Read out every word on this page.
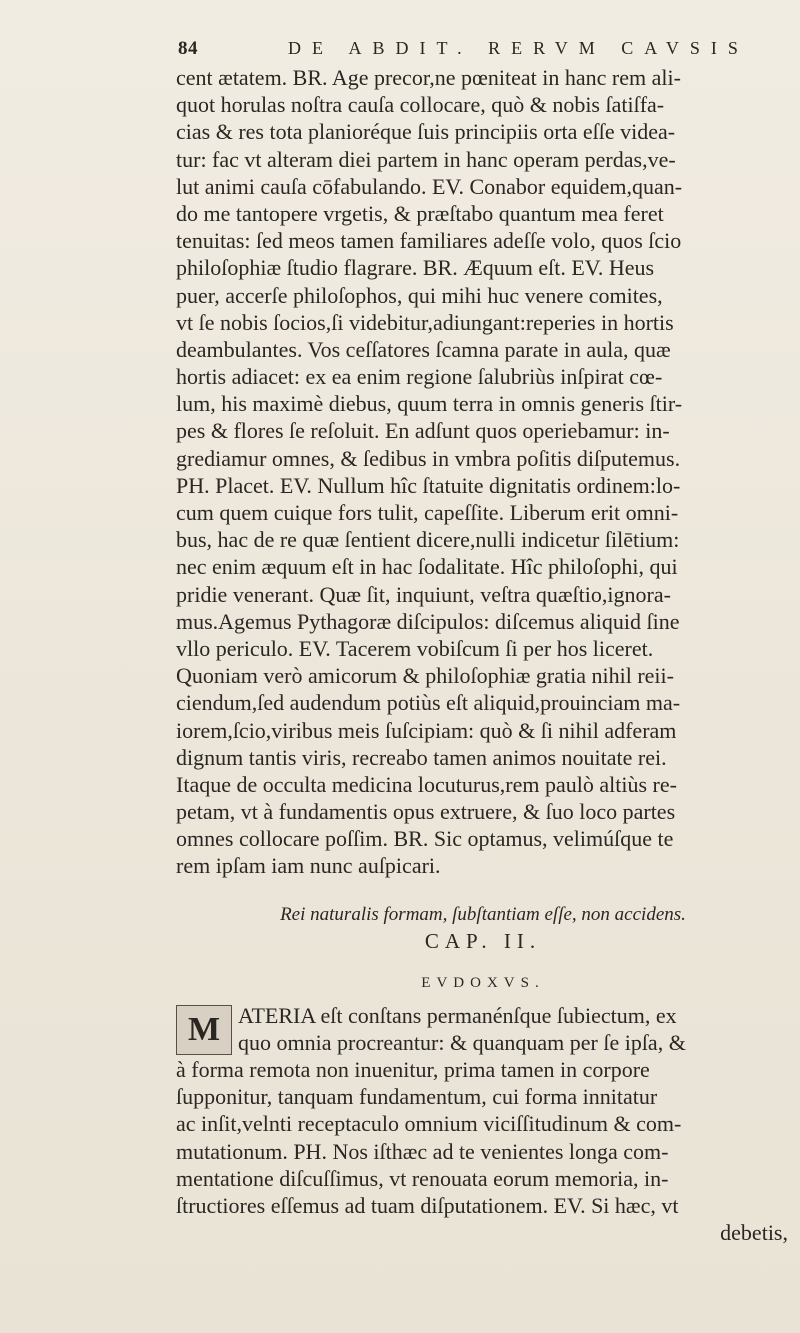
84	DE ABDIT. RERVM CAVSIS
cent ætatem. BR. Age precor,ne pœniteat in hanc rem ali-
quot horulas noſtra cauſa collocare, quò & nobis ſatiſfa-
cias & res tota planioréque ſuis principiis orta eſſe videa-
tur: fac vt alteram diei partem in hanc operam perdas,ve-
lut animi cauſa cōfabulando. EV. Conabor equidem,quan-
do me tantopere vrgetis, & præſtabo quantum mea feret
tenuitas: ſed meos tamen familiares adeſſe volo, quos ſcio
philoſophiæ ſtudio flagrare. BR. Æquum eſt. EV. Heus
puer, accerſe philoſophos, qui mihi huc venere comites,
vt ſe nobis ſocios,ſi videbitur,adiungant:reperies in hortis
deambulantes. Vos ceſſatores ſcamna parate in aula, quæ
hortis adiacet: ex ea enim regione ſalubriùs inſpirat cœ-
lum, his maximè diebus, quum terra in omnis generis ſtir-
pes & flores ſe reſoluit. En adſunt quos operiebamur: in-
grediamur omnes, & ſedibus in vmbra poſitis diſputemus.
PH. Placet. EV. Nullum hîc ſtatuite dignitatis ordinem:lo-
cum quem cuique fors tulit, capeſſite. Liberum erit omni-
bus, hac de re quæ ſentient dicere,nulli indicetur ſilētium:
nec enim æquum eſt in hac ſodalitate. Hîc philoſophi, qui
pridie venerant. Quæ ſit, inquiunt, veſtra quæſtio,ignora-
mus.Agemus Pythagoræ diſcipulos: diſcemus aliquid ſine
vllo periculo. EV. Tacerem vobiſcum ſi per hos liceret.
Quoniam verò amicorum & philoſophiæ gratia nihil reii-
ciendum,ſed audendum potiùs eſt aliquid,prouinciam ma-
iorem,ſcio,viribus meis ſuſcipiam: quò & ſi nihil adferam
dignum tantis viris, recreabo tamen animos nouitate rei.
Itaque de occulta medicina locuturus,rem paulò altiùs re-
petam, vt à fundamentis opus extruere, & ſuo loco partes
omnes collocare poſſim. BR. Sic optamus, velimúſque te
rem ipſam iam nunc auſpicari.
Rei naturalis formam, ſubſtantiam eſſe, non accidens.
CAP. II.
EVDOXVS.
M ATERIA eſt conſtans permanénſque ſubiectum, ex
quo omnia procreantur: & quanquam per ſe ipſa, &
à forma remota non inuenitur, prima tamen in corpore
ſupponitur, tanquam fundamentum, cui forma innitatur
ac inſit,velnti receptaculo omnium viciſſitudinum & com-
mutationum. PH. Nos iſthæc ad te venientes longa com-
mentatione diſcuſſimus, vt renouata eorum memoria, in-
ſtructiores eſſemus ad tuam diſputationem. EV. Si hæc, vt
debetis,
